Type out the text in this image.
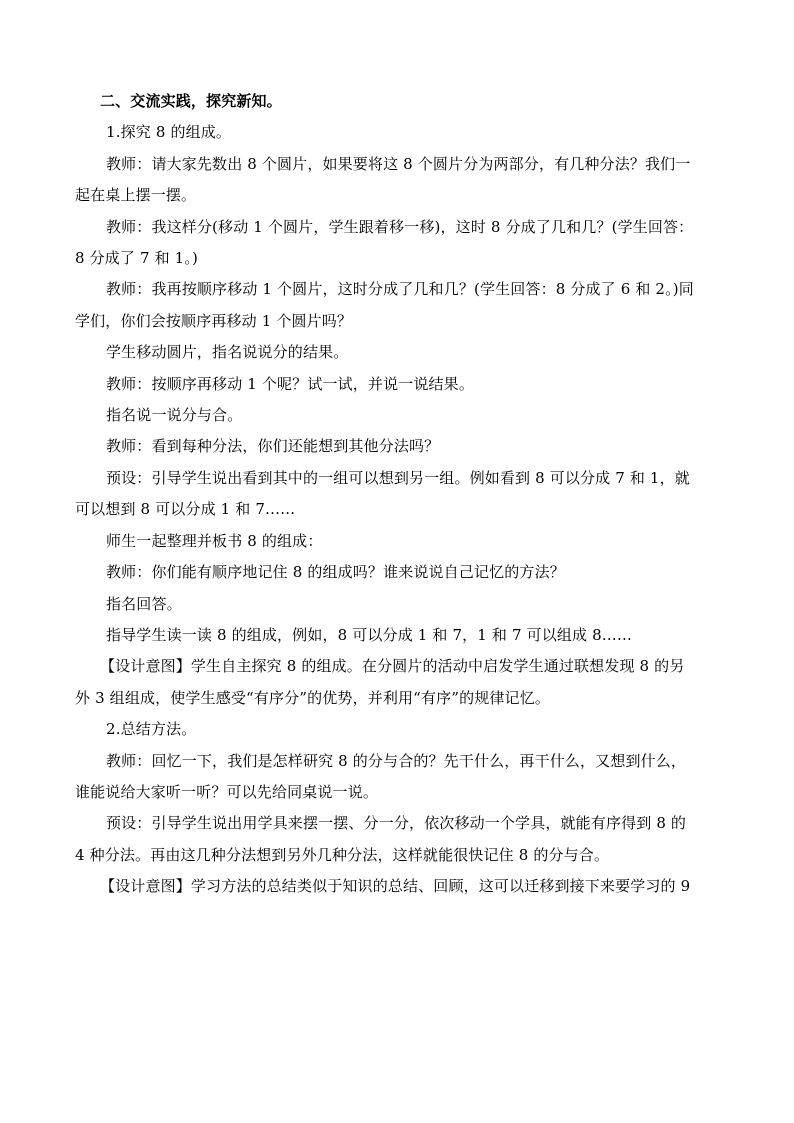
二、交流实践，探究新知。
1.探究 8 的组成。
教师：请大家先数出 8 个圆片，如果要将这 8 个圆片分为两部分，有几种分法？我们一
起在桌上摆一摆。
教师：我这样分(移动 1 个圆片，学生跟着移一移)，这时 8 分成了几和几？(学生回答：
8 分成了 7 和 1。)
教师：我再按顺序移动 1 个圆片，这时分成了几和几？(学生回答：8 分成了 6 和 2。)同
学们，你们会按顺序再移动 1 个圆片吗？
学生移动圆片，指名说说分的结果。
教师：按顺序再移动 1 个呢？试一试，并说一说结果。
指名说一说分与合。
教师：看到每种分法，你们还能想到其他分法吗？
预设：引导学生说出看到其中的一组可以想到另一组。例如看到 8 可以分成 7 和 1，就
可以想到 8 可以分成 1 和 7……
师生一起整理并板书 8 的组成：
教师：你们能有顺序地记住 8 的组成吗？谁来说说自己记忆的方法？
指名回答。
指导学生读一读 8 的组成，例如，8 可以分成 1 和 7，1 和 7 可以组成 8……
【设计意图】学生自主探究 8 的组成。在分圆片的活动中启发学生通过联想发现 8 的另
外 3 组组成，使学生感受“有序分”的优势，并利用“有序”的规律记忆。
2.总结方法。
教师：回忆一下，我们是怎样研究 8 的分与合的？先干什么，再干什么，又想到什么，
谁能说给大家听一听？可以先给同桌说一说。
预设：引导学生说出用学具来摆一摆、分一分，依次移动一个学具，就能有序得到 8 的
4 种分法。再由这几种分法想到另外几种分法，这样就能很快记住 8 的分与合。
【设计意图】学习方法的总结类似于知识的总结、回顾，这可以迁移到接下来要学习的 9
